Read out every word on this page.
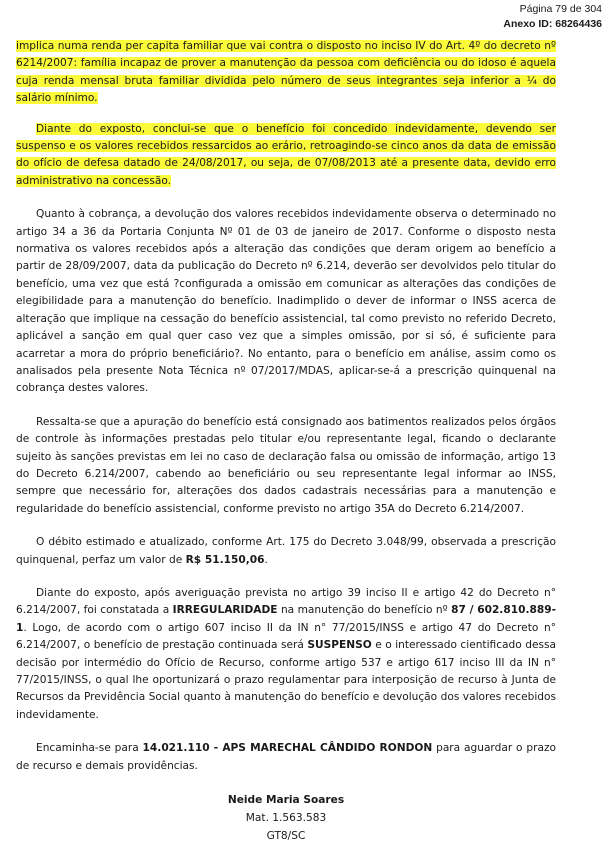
Página 79 de 304
Anexo ID: 68264436

implica numa renda per capita familiar que vai contra o disposto no inciso IV do Art. 4º do decreto nº 6214/2007: família incapaz de prover a manutenção da pessoa com deficiência ou do idoso é aquela cuja renda mensal bruta familiar dividida pelo número de seus integrantes seja inferior a ¼ do salário mínimo.

Diante do exposto, conclui-se que o benefício foi concedido indevidamente, devendo ser suspenso e os valores recebidos ressarcidos ao erário, retroagindo-se cinco anos da data de emissão do ofício de defesa datado de 24/08/2017, ou seja, de 07/08/2013 até a presente data, devido erro administrativo na concessão.

Quanto à cobrança, a devolução dos valores recebidos indevidamente observa o determinado no artigo 34 a 36 da Portaria Conjunta Nº 01 de 03 de janeiro de 2017. Conforme o disposto nesta normativa os valores recebidos após a alteração das condições que deram origem ao benefício a partir de 28/09/2007, data da publicação do Decreto nº 6.214, deverão ser devolvidos pelo titular do benefício, uma vez que está ?configurada a omissão em comunicar as alterações das condições de elegibilidade para a manutenção do benefício. Inadimplido o dever de informar o INSS acerca de alteração que implique na cessação do benefício assistencial, tal como previsto no referido Decreto, aplicável a sanção em qual quer caso vez que a simples omissão, por si só, é suficiente para acarretar a mora do próprio beneficiário?. No entanto, para o benefício em análise, assim como os analisados pela presente Nota Técnica nº 07/2017/MDAS, aplicar-se-á a prescrição quinquenal na cobrança destes valores.

Ressalta-se que a apuração do benefício está consignado aos batimentos realizados pelos órgãos de controle às informações prestadas pelo titular e/ou representante legal, ficando o declarante sujeito às sanções previstas em lei no caso de declaração falsa ou omissão de informação, artigo 13 do Decreto 6.214/2007, cabendo ao beneficiário ou seu representante legal informar ao INSS, sempre que necessário for, alterações dos dados cadastrais necessárias para a manutenção e regularidade do benefício assistencial, conforme previsto no artigo 35A do Decreto 6.214/2007.

O débito estimado e atualizado, conforme Art. 175 do Decreto 3.048/99, observada a prescrição quinquenal, perfaz um valor de R$ 51.150,06.

Diante do exposto, após averiguação prevista no artigo 39 inciso II e artigo 42 do Decreto n° 6.214/2007, foi constatada a IRREGULARIDADE na manutenção do benefício nº 87 / 602.810.889-1. Logo, de acordo com o artigo 607 inciso II da IN n° 77/2015/INSS e artigo 47 do Decreto n° 6.214/2007, o benefício de prestação continuada será SUSPENSO e o interessado cientificado dessa decisão por intermédio do Ofício de Recurso, conforme artigo 537 e artigo 617 inciso III da IN n° 77/2015/INSS, o qual lhe oportunizará o prazo regulamentar para interposição de recurso à Junta de Recursos da Previdência Social quanto à manutenção do benefício e devolução dos valores recebidos indevidamente.

Encaminha-se para 14.021.110 - APS MARECHAL CÂNDIDO RONDON para aguardar o prazo de recurso e demais providências.

Neide Maria Soares
Mat. 1.563.583
GT8/SC
